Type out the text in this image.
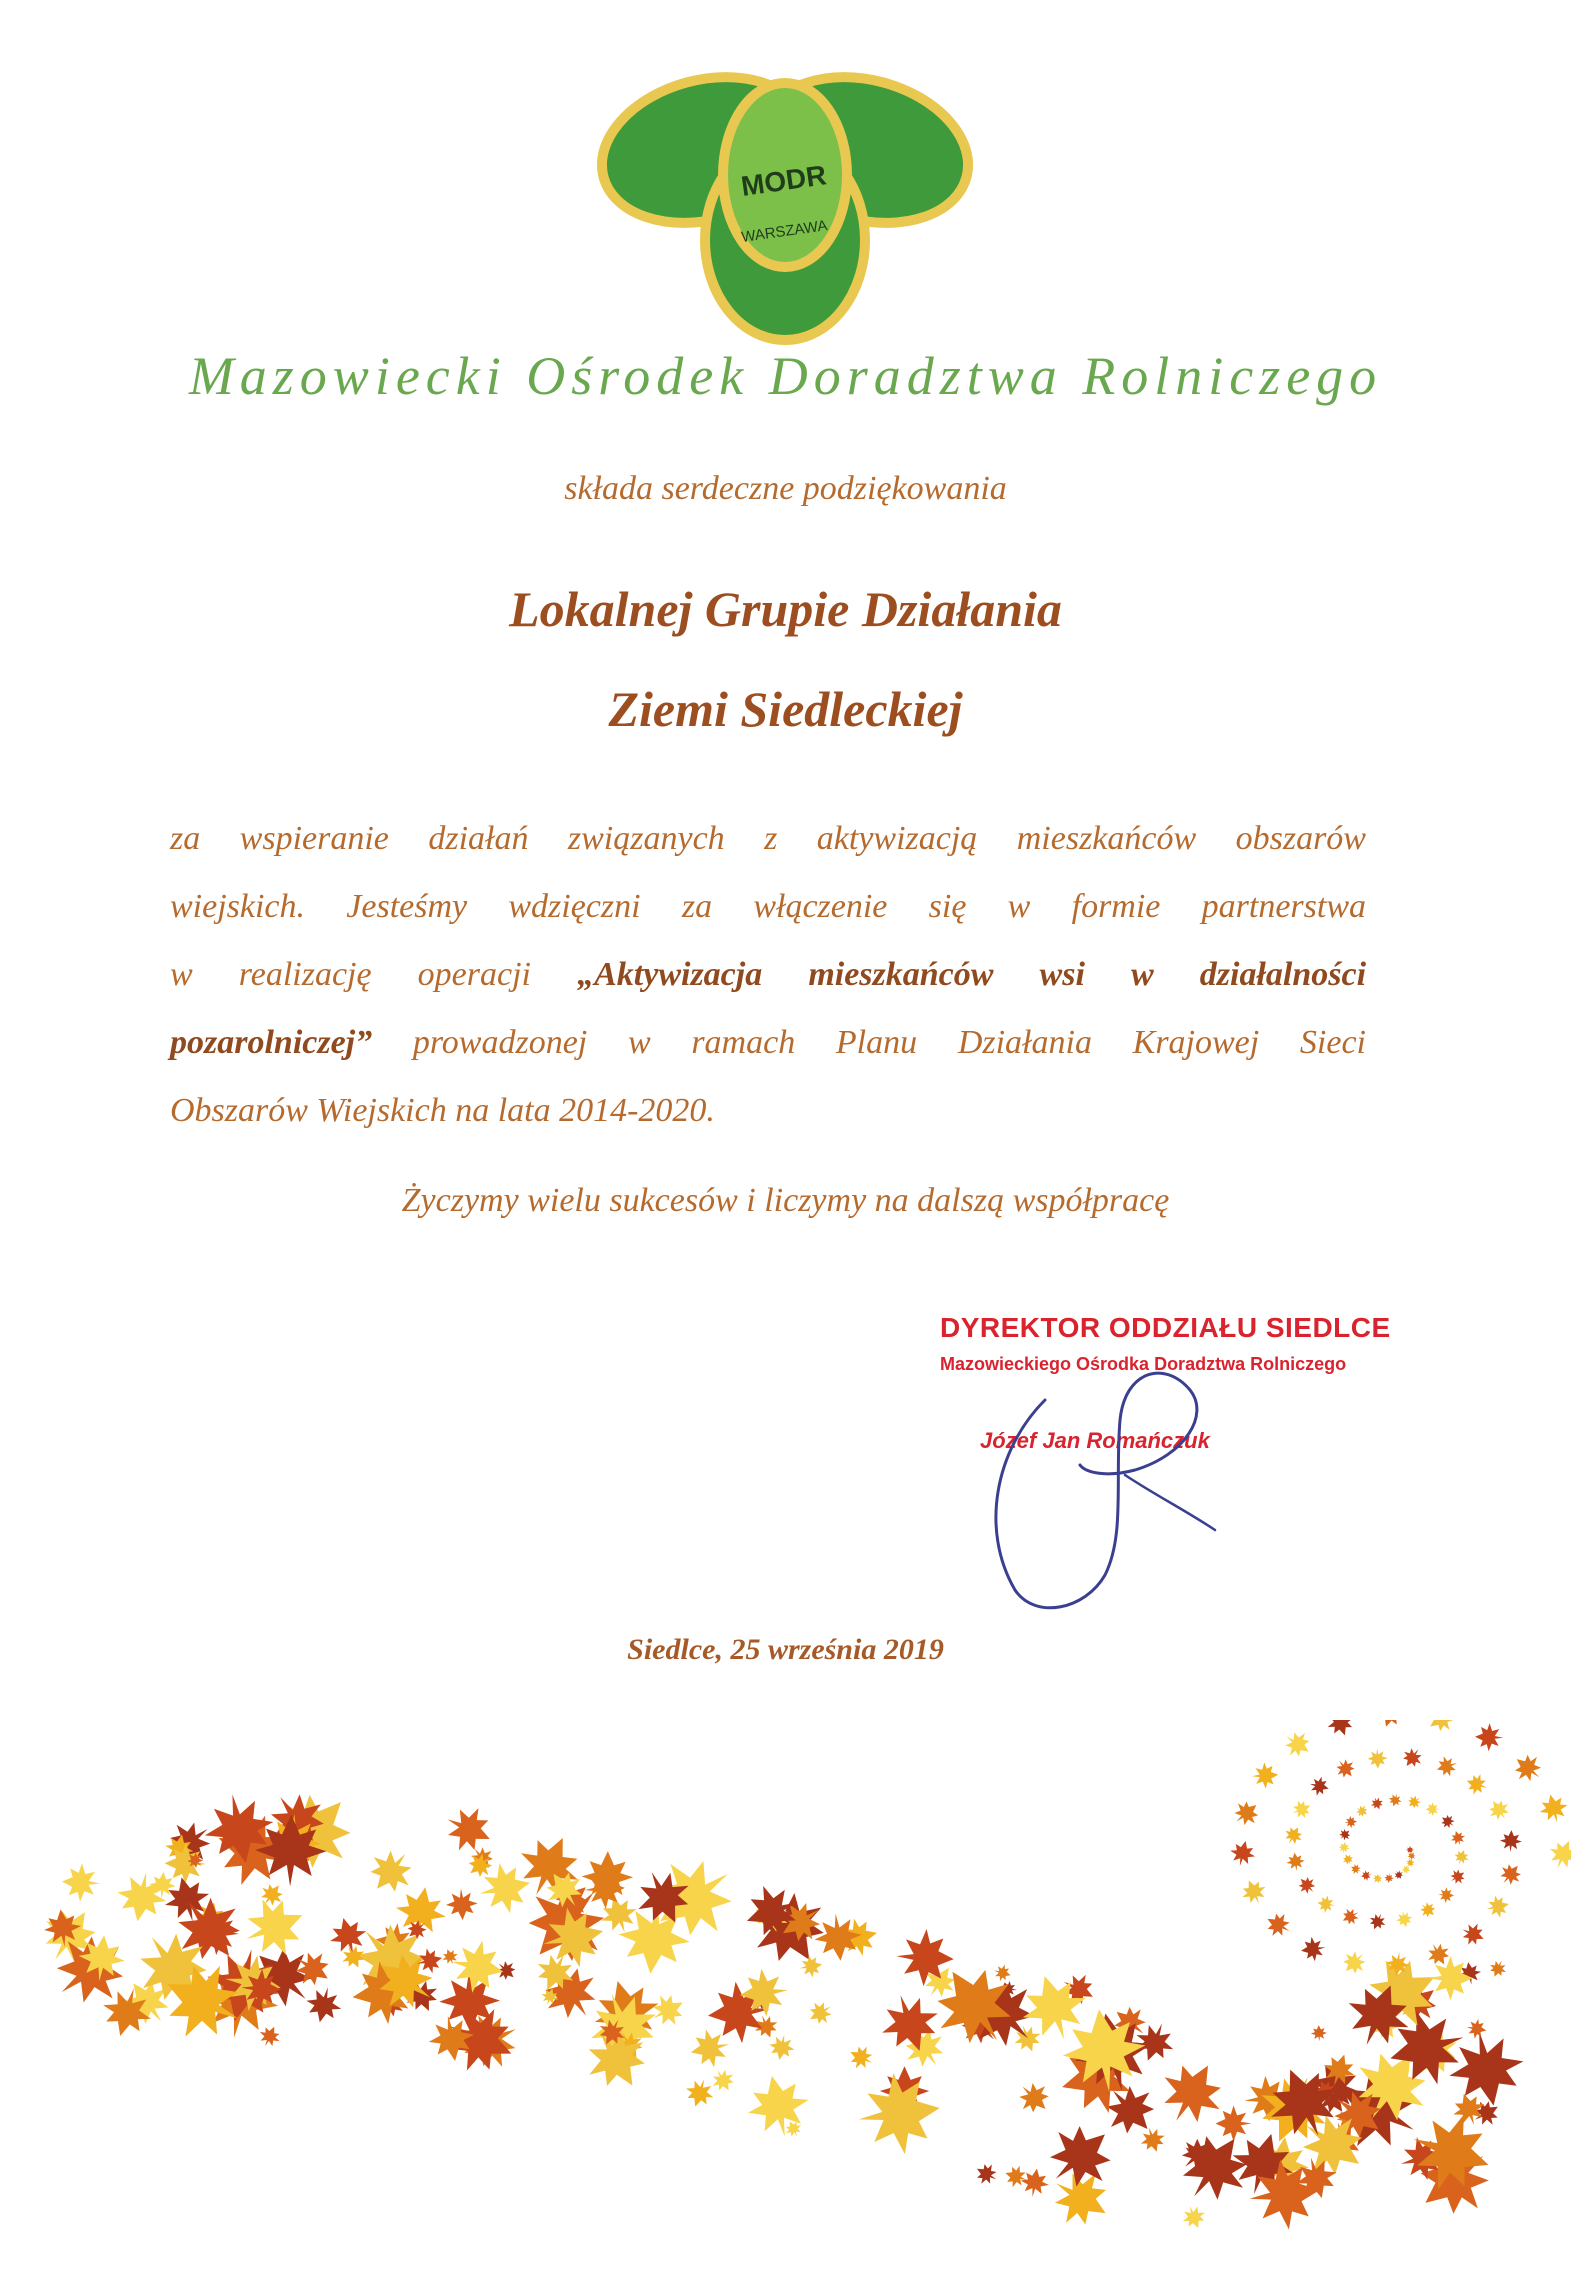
MODR
WARSZAWA
Mazowiecki Ośrodek Doradztwa Rolniczego
składa serdeczne podziękowania
Lokalnej Grupie Działania
Ziemi Siedleckiej
za wspieranie działań związanych z aktywizacją mieszkańców obszarów
wiejskich. Jesteśmy wdzięczni za włączenie się w formie partnerstwa
w realizację operacji „Aktywizacja mieszkańców wsi w działalności
pozarolniczej” prowadzonej w ramach Planu Działania Krajowej Sieci
Obszarów Wiejskich na lata 2014-2020.
Życzymy wielu sukcesów i liczymy na dalszą współpracę
DYREKTOR ODDZIAŁU SIEDLCE
Mazowieckiego Ośrodka Doradztwa Rolniczego
Józef Jan Romańczuk
Siedlce, 25 września 2019
